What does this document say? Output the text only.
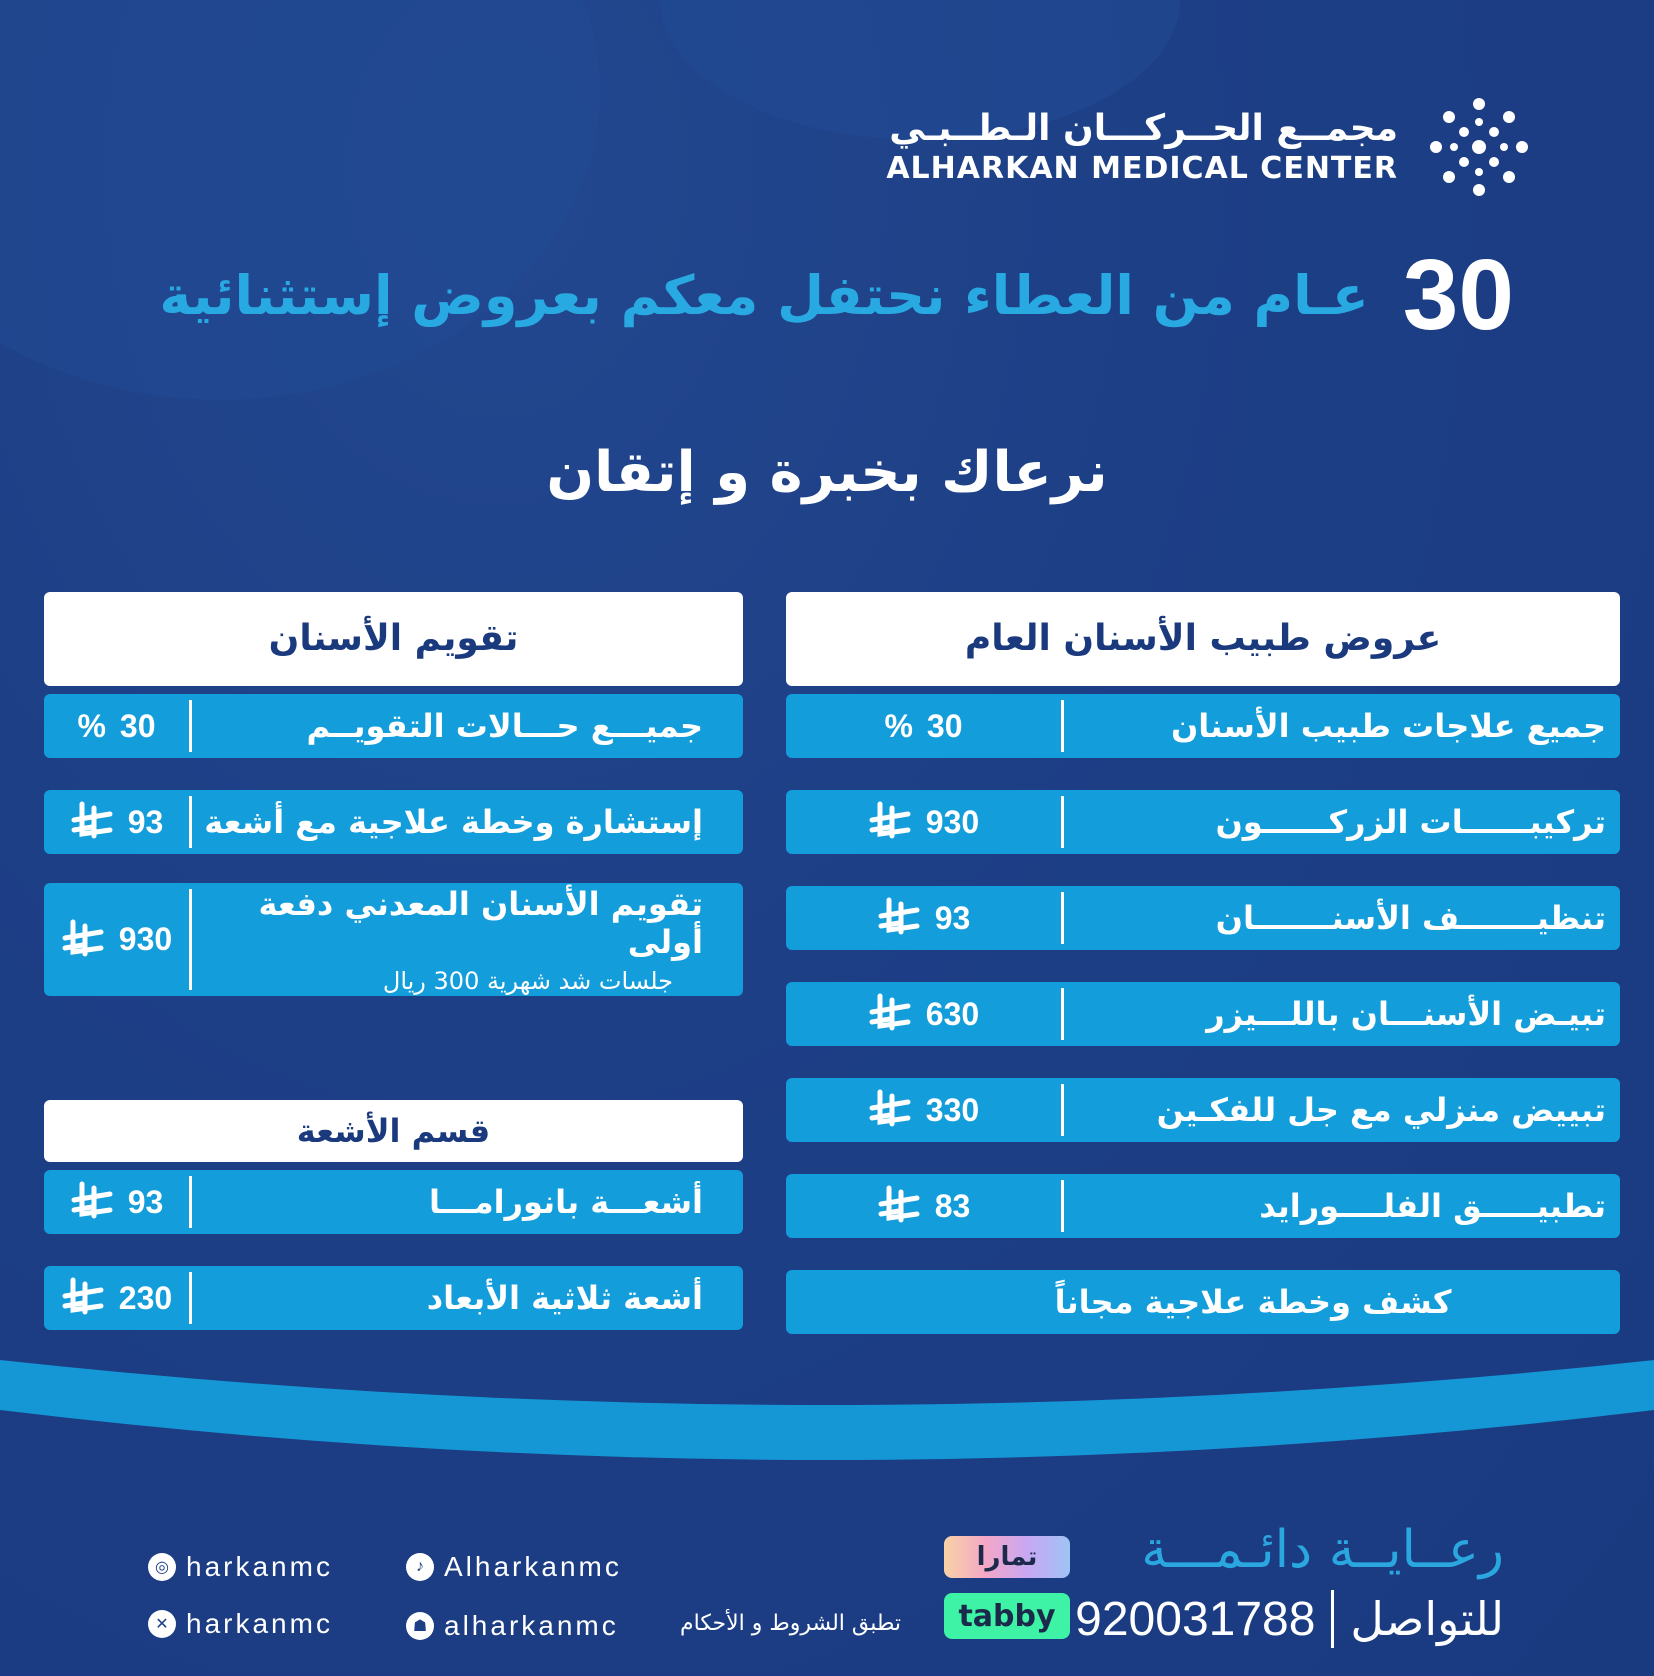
مجمــع الحــركـــان الـطــبـي
ALHARKAN MEDICAL CENTER
30
عـام من العطاء نحتفل معكم بعروض إستثنائية
نرعاك بخبرة و إتقان
عروض طبيب الأسنان العام
جميع علاجات طبيب الأسنان
% 30
تركيبــــــات الزركــــــون
930
تنظيـــــــف الأسنـــــــان
93
تبيـض الأسنـــان باللـــيزر
630
تبييض منزلي مع جل للفكـين
330
تطبيـــــق الفلــــورايد
83
كشف وخطة علاجية مجاناً
تقويم الأسنان
جميـــع حـــالات التقويــم
% 30
إستشارة وخطة علاجية مع أشعة
93
تقويم الأسنان المعدني دفعة أولى
جلسات شد شهرية 300 ريال
930
قسم الأشعة
أشعـــة بانورامـــا
93
أشعة ثلاثية الأبعاد
230
رعــايــة دائـمـــة
للتواصل
920031788
تمارا
tabby
تطبق الشروط و الأحكام
◎ harkanmc	♪ Alharkanmc
✕ harkanmc	☗ alharkanmc
